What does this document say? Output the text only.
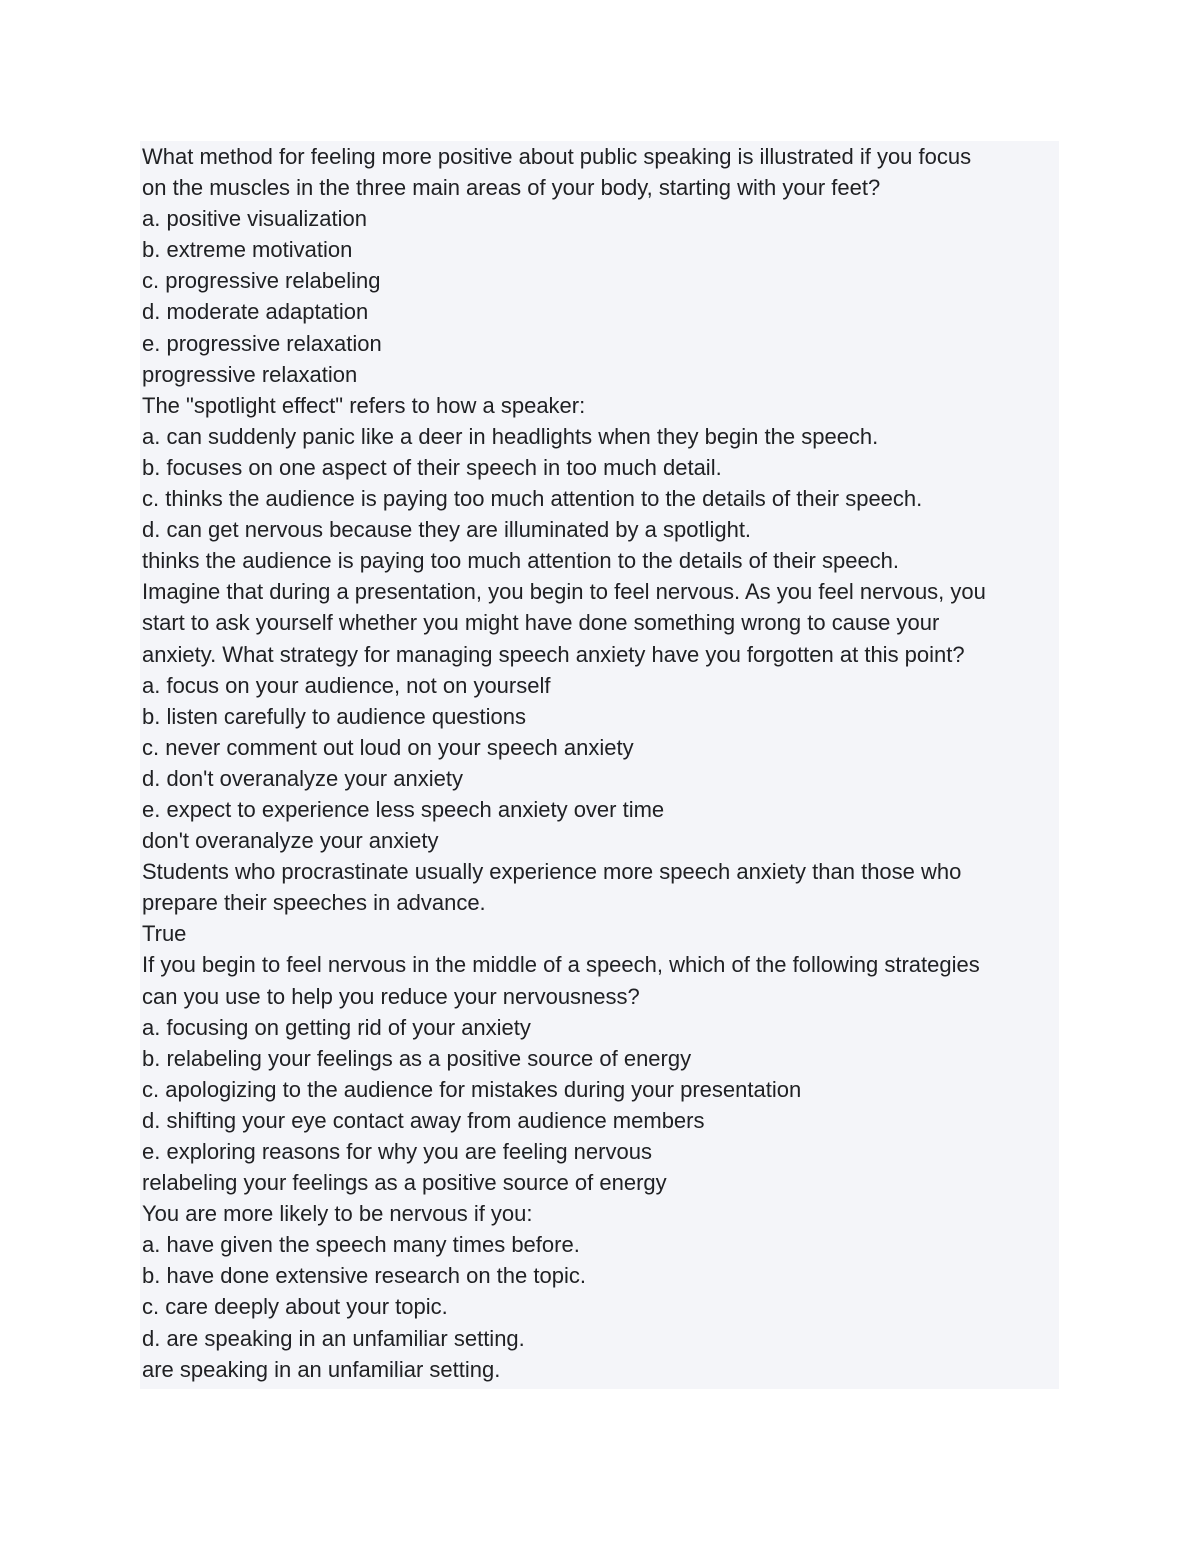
What method for feeling more positive about public speaking is illustrated if you focus
on the muscles in the three main areas of your body, starting with your feet?
a. positive visualization
b. extreme motivation
c. progressive relabeling
d. moderate adaptation
e. progressive relaxation
progressive relaxation
The "spotlight effect" refers to how a speaker:
a. can suddenly panic like a deer in headlights when they begin the speech.
b. focuses on one aspect of their speech in too much detail.
c. thinks the audience is paying too much attention to the details of their speech.
d. can get nervous because they are illuminated by a spotlight.
thinks the audience is paying too much attention to the details of their speech.
Imagine that during a presentation, you begin to feel nervous. As you feel nervous, you
start to ask yourself whether you might have done something wrong to cause your
anxiety. What strategy for managing speech anxiety have you forgotten at this point?
a. focus on your audience, not on yourself
b. listen carefully to audience questions
c. never comment out loud on your speech anxiety
d. don't overanalyze your anxiety
e. expect to experience less speech anxiety over time
don't overanalyze your anxiety
Students who procrastinate usually experience more speech anxiety than those who
prepare their speeches in advance.
True
If you begin to feel nervous in the middle of a speech, which of the following strategies
can you use to help you reduce your nervousness?
a. focusing on getting rid of your anxiety
b. relabeling your feelings as a positive source of energy
c. apologizing to the audience for mistakes during your presentation
d. shifting your eye contact away from audience members
e. exploring reasons for why you are feeling nervous
relabeling your feelings as a positive source of energy
You are more likely to be nervous if you:
a. have given the speech many times before.
b. have done extensive research on the topic.
c. care deeply about your topic.
d. are speaking in an unfamiliar setting.
are speaking in an unfamiliar setting.
